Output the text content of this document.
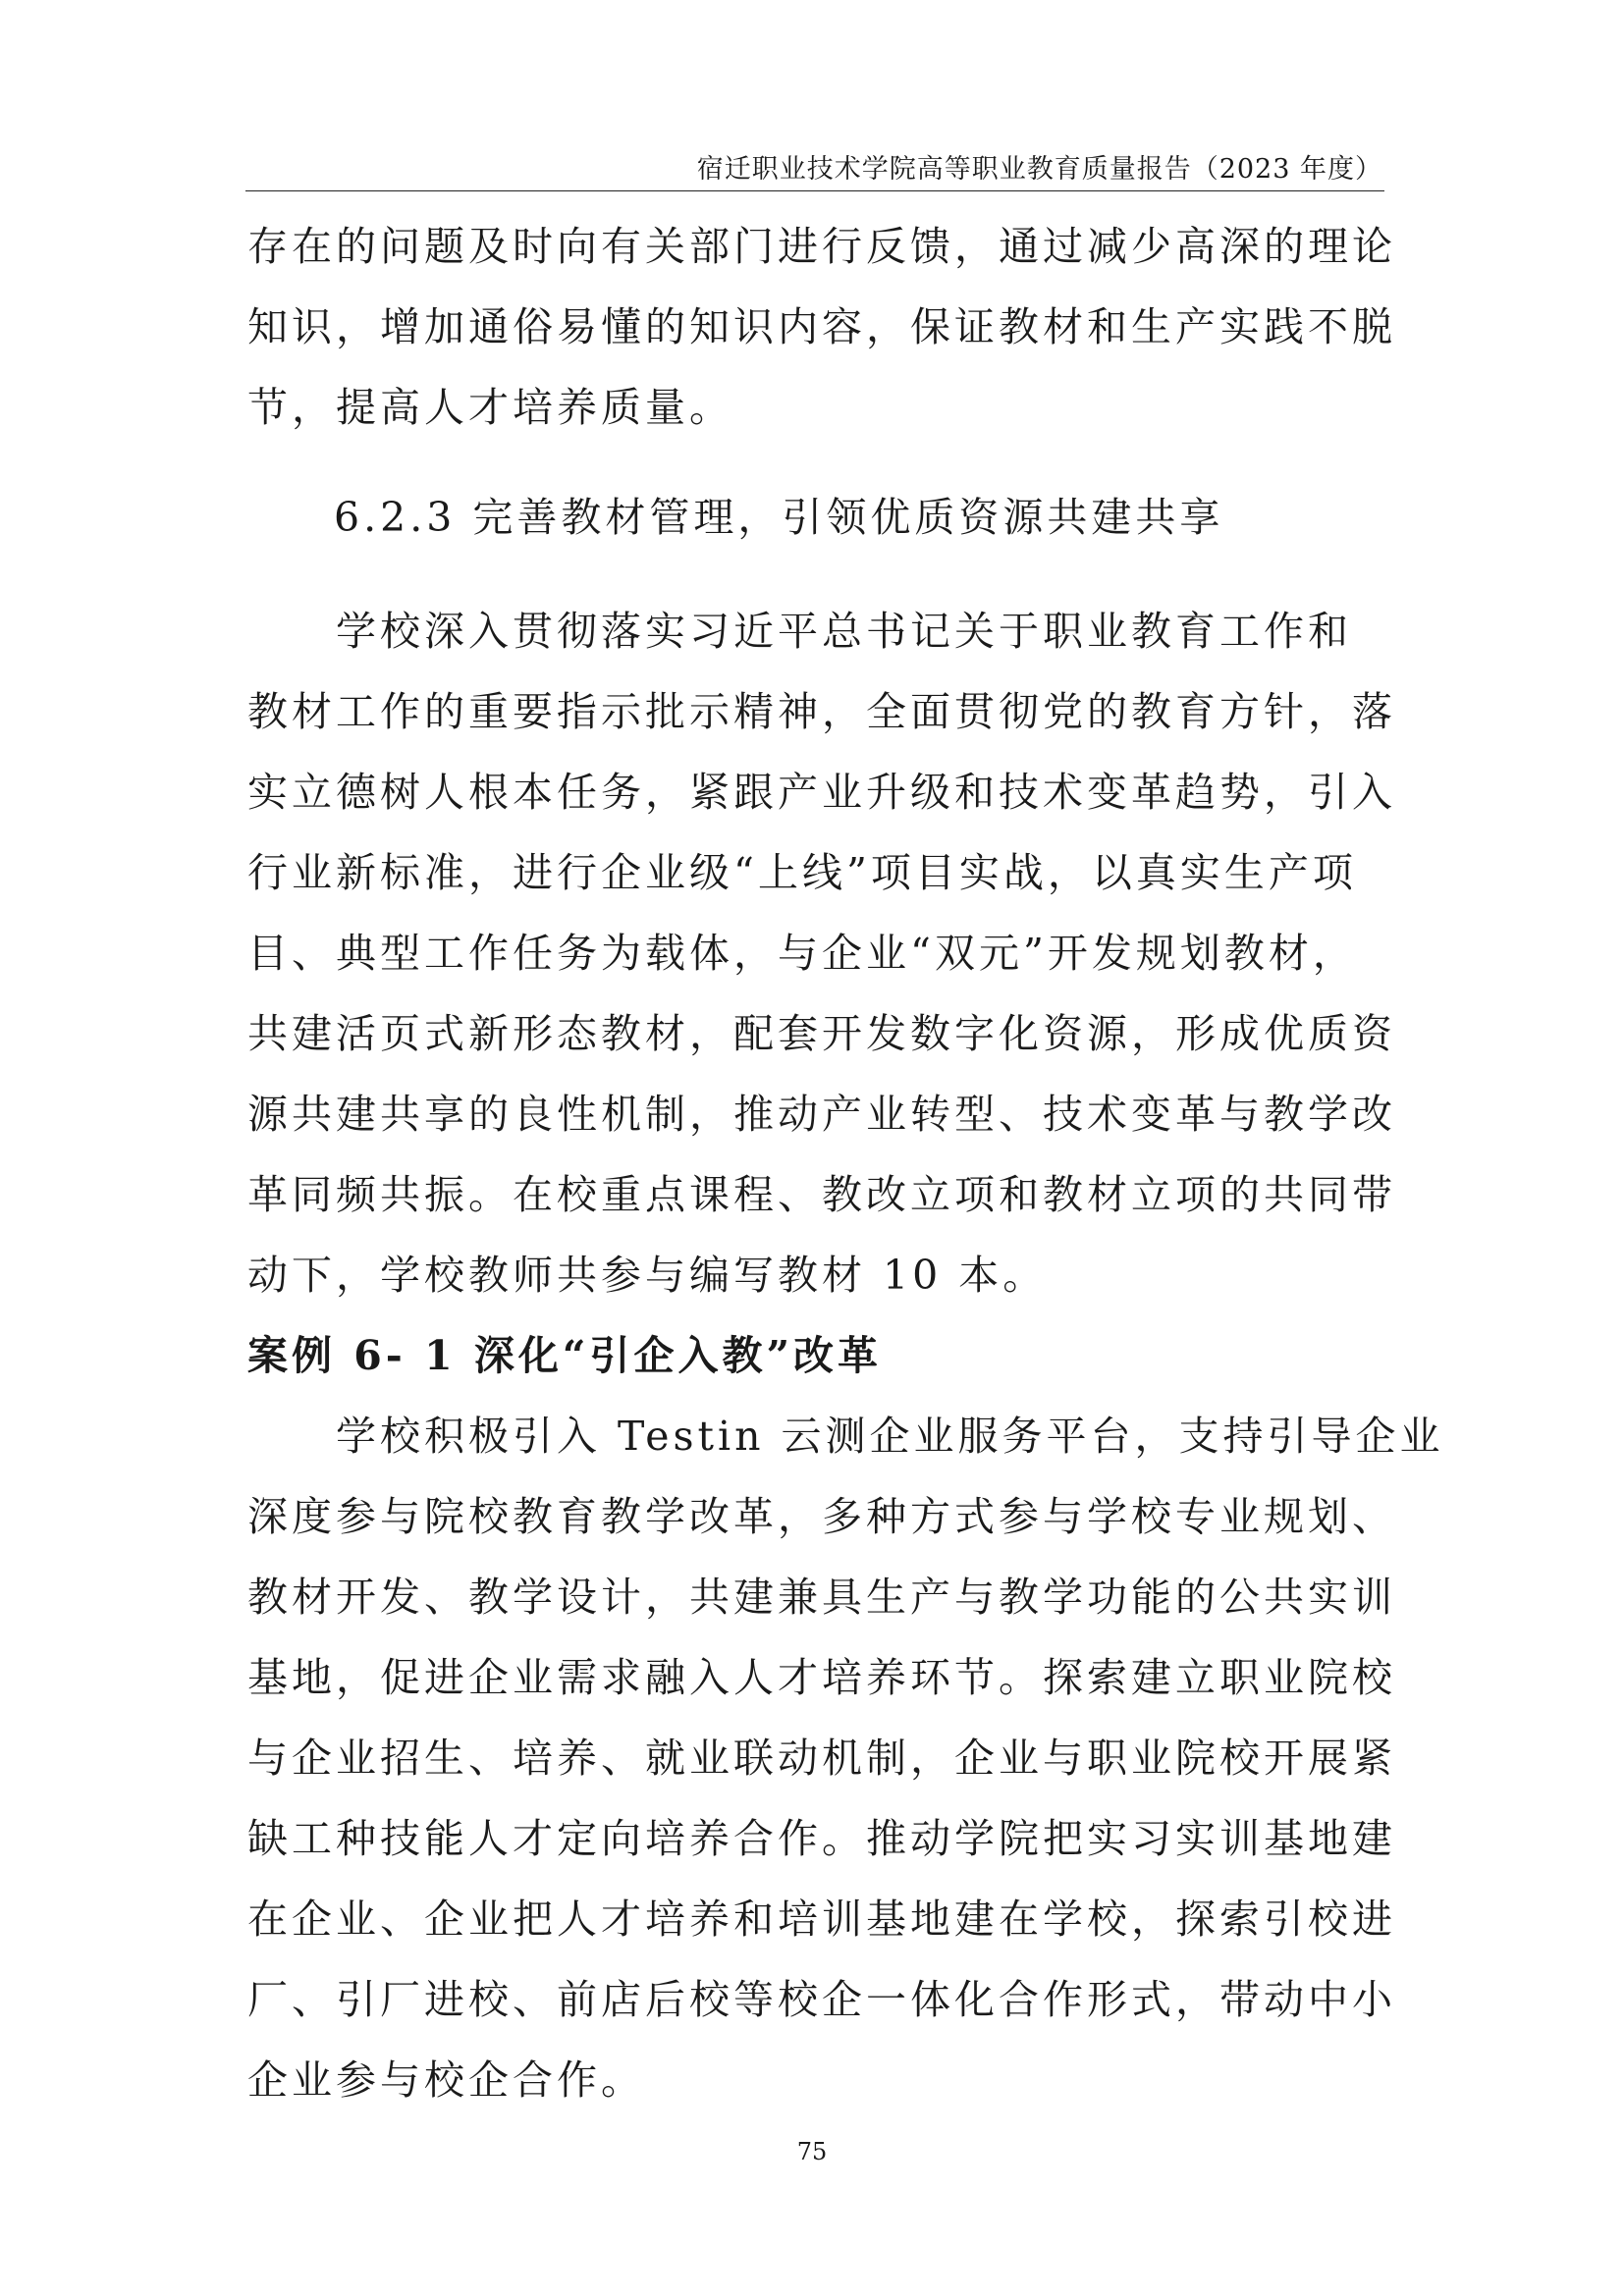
宿迁职业技术学院高等职业教育质量报告（2023 年度）
存在的问题及时向有关部门进行反馈，通过减少高深的理论
知识，增加通俗易懂的知识内容，保证教材和生产实践不脱
节，提高人才培养质量。
6.2.3 完善教材管理，引领优质资源共建共享
　　学校深入贯彻落实习近平总书记关于职业教育工作和
教材工作的重要指示批示精神，全面贯彻党的教育方针，落
实立德树人根本任务，紧跟产业升级和技术变革趋势，引入
行业新标准，进行企业级“上线”项目实战，以真实生产项
目、典型工作任务为载体，与企业“双元”开发规划教材，
共建活页式新形态教材，配套开发数字化资源，形成优质资
源共建共享的良性机制，推动产业转型、技术变革与教学改
革同频共振。在校重点课程、教改立项和教材立项的共同带
动下，学校教师共参与编写教材 10 本。
案例 6- 1 深化“引企入教”改革
　　学校积极引入 Testin 云测企业服务平台，支持引导企业
深度参与院校教育教学改革，多种方式参与学校专业规划、
教材开发、教学设计，共建兼具生产与教学功能的公共实训
基地，促进企业需求融入人才培养环节。探索建立职业院校
与企业招生、培养、就业联动机制，企业与职业院校开展紧
缺工种技能人才定向培养合作。推动学院把实习实训基地建
在企业、企业把人才培养和培训基地建在学校，探索引校进
厂、引厂进校、前店后校等校企一体化合作形式，带动中小
企业参与校企合作。
75
